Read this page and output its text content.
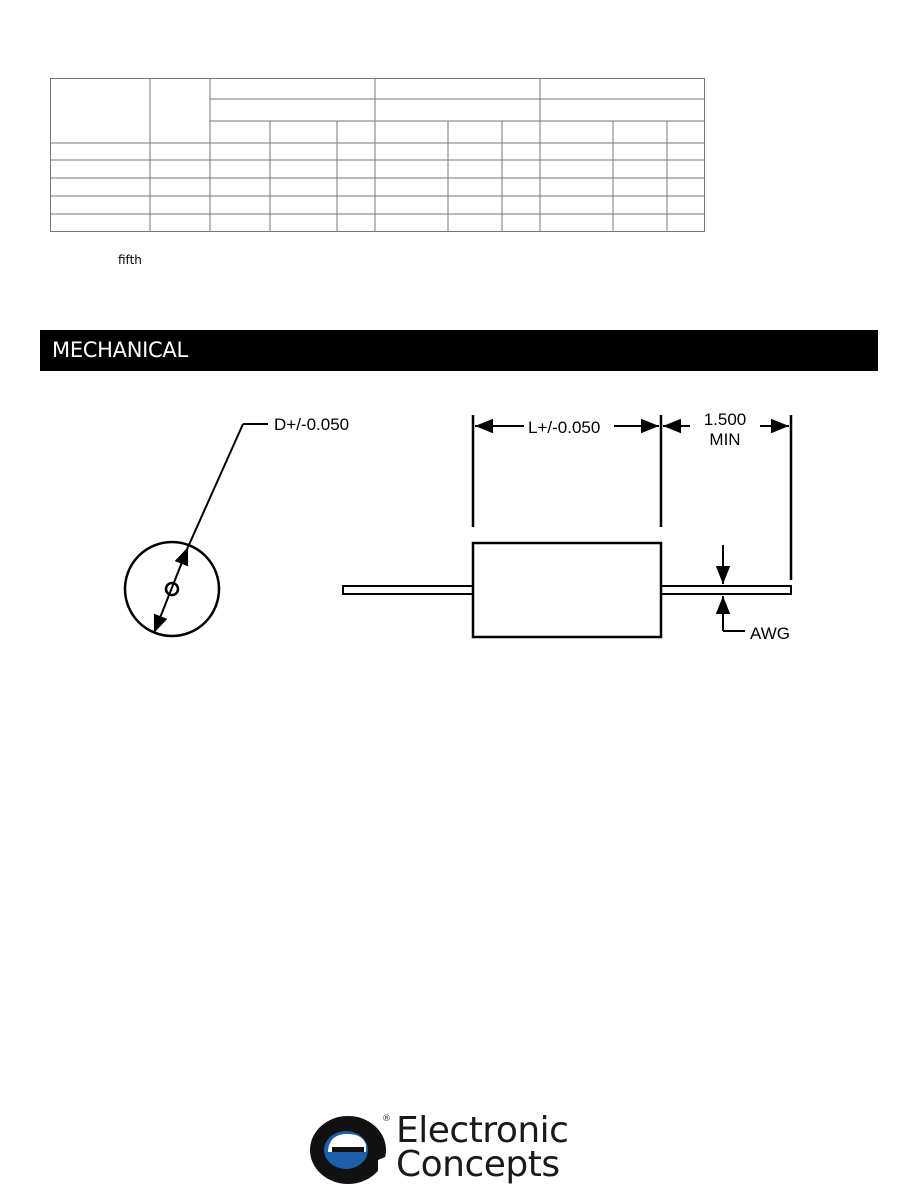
fifth
MECHANICAL
D+/-0.050	L+/-0.050	1.500
MIN
AWG
® Electronic
Concepts
